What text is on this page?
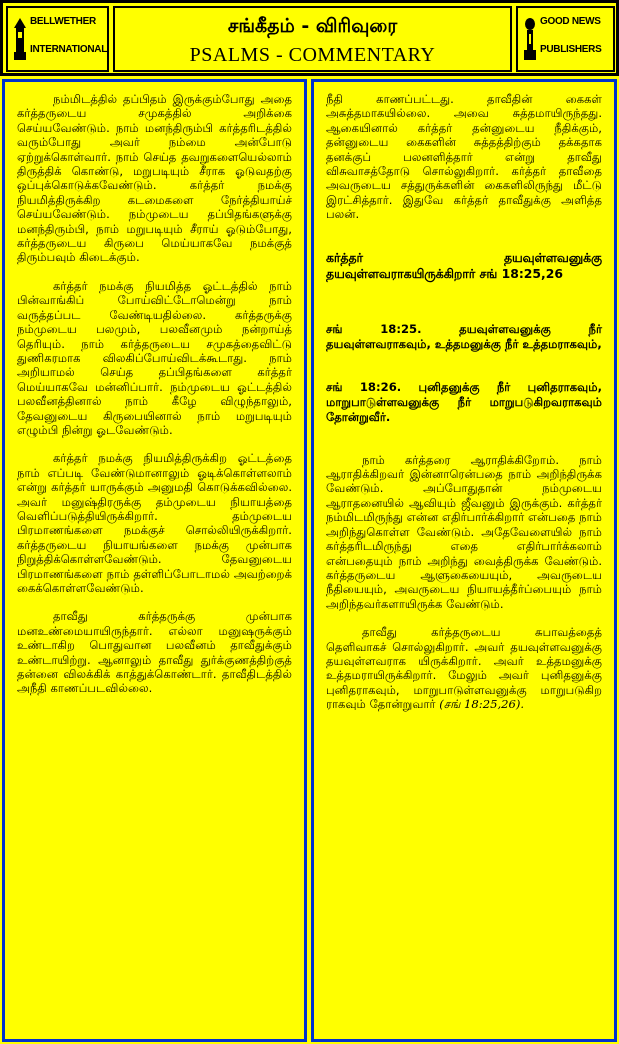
BELLWETHER
INTERNATIONAL
சங்கீதம் - விரிவுரை
PSALMS - COMMENTARY
GOOD NEWS
PUBLISHERS

நம்மிடத்தில் தப்பிதம் இருக்கும்போது அதை கர்த்தருடைய சமுகத்தில் அறிக்கை செய்யவேண்டும். நாம் மனந்திரும்பி கர்த்தரிடத்தில் வரும்போது அவர் நம்மை அன்போடு ஏற்றுக்கொள்வார். நாம் செய்த தவறுகளையெல்லாம் திருத்திக் கொண்டு, மறுபடியும் சீராக ஓடுவதற்கு ஒப்புக்கொடுக்கவேண்டும். கர்த்தர் நமக்கு நியமித்திருக்கிற கடமைகளை நேர்த்தியாய்ச் செய்யவேண்டும். நம்முடைய தப்பிதங்களுக்கு மனந்திரும்பி, நாம் மறுபடியும் சீராய் ஓடும்போது, கர்த்தருடைய கிருபை மெய்யாகவே நமக்குத் திரும்பவும் கிடைக்கும்.

கர்த்தர் நமக்கு நியமித்த ஓட்டத்தில் நாம் பின்வாங்கிப் போய்விட்டோமென்று நாம் வருத்தப்பட வேண்டியதில்லை. கர்த்தருக்கு நம்முடைய பலமும், பலவீனமும் நன்றாய்த் தெரியும். நாம் கர்த்தருடைய சமுகத்தைவிட்டு துணிகரமாக விலகிப்போய்விடக்கூடாது. நாம் அறியாமல் செய்த தப்பிதங்களை கர்த்தர் மெய்யாகவே மன்னிப்பார். நம்முடைய ஓட்டத்தில் பலவீனத்தினால் நாம் கீழே விழுந்தாலும், தேவனுடைய கிருபையினால் நாம் மறுபடியும் எழும்பி நின்று ஓடவேண்டும்.

கர்த்தர் நமக்கு நியமித்திருக்கிற ஓட்டத்தை நாம் எப்படி வேண்டுமானாலும் ஓடிக்கொள்ளலாம் என்று கர்த்தர் யாருக்கும் அனுமதி கொடுக்கவில்லை. அவர் மனுஷ்திரருக்கு தம்முடைய நியாயத்தை வெளிப்படுத்தியிருக்கிறார். தம்முடைய பிரமாணங்களை நமக்குச் சொல்லியிருக்கிறார். கர்த்தருடைய நியாயங்களை நமக்கு முன்பாக நிறுத்திக்கொள்ளவேண்டும். தேவனுடைய பிரமாணங்களை நாம் தள்ளிப்போடாமல் அவற்றைக் கைக்கொள்ளவேண்டும்.

தாவீது கர்த்தருக்கு முன்பாக மனஉண்மையாயிருந்தார். எல்லா மனுஷருக்கும் உண்டாகிற பொதுவான பலவீனம் தாவீதுக்கும் உண்டாயிற்று. ஆனாலும் தாவீது துர்க்குணத்திற்குத் தன்னை விலக்கிக் காத்துக்கொண்டார். தாவீதிடத்தில் அநீதி காணப்படவில்லை.

நீதி காணப்பட்டது. தாவீதின் கைகள் அசுத்தமாகயில்லை. அவை சுத்தமாயிருந்தது. ஆகையினால் கர்த்தர் தன்னுடைய நீதிக்கும், தன்னுடைய கைகளின் சுத்தத்திற்கும் தக்கதாக தனக்குப் பலனளித்தார் என்று தாவீது விசுவாசத்தோடு சொல்லுகிறார். கர்த்தர் தாவீதை அவருடைய சத்துருக்களின் கைகளிலிருந்து மீட்டு இரட்சித்தார். இதுவே கர்த்தர் தாவீதுக்கு அளித்த பலன்.

கர்த்தர் தயவுள்ளவனுக்கு தயவுள்ளவராகயிருக்கிறார் சங் 18:25,26
சங் 18:25. தயவுள்ளவனுக்கு நீர் தயவுள்ளவராகவும், உத்தமனுக்கு நீர் உத்தமராகவும்,
சங் 18:26. புனிதனுக்கு நீர் புனிதராகவும், மாறுபாடுள்ளவனுக்கு நீர் மாறுபடுகிறவராகவும் தோன்றுவீர்.

நாம் கர்த்தரை ஆராதிக்கிறோம். நாம் ஆராதிக்கிறவர் இன்னாரென்பதை நாம் அறிந்திருக்க வேண்டும். அப்போதுதான் நம்முடைய ஆராதனையில் ஆவியும் ஜீவனும் இருக்கும். கர்த்தர் நம்மிடமிருந்து என்ன எதிர்பார்க்கிறார் என்பதை நாம் அறிந்துகொள்ள வேண்டும். அதேவேளையில் நாம் கர்த்தரிடமிருந்து எதை எதிர்பார்க்கலாம் என்பதையும் நாம் அறிந்து வைத்திருக்க வேண்டும். கர்த்தருடைய ஆளுகையையும், அவருடைய நீதியையும், அவருடைய நியாயத்தீர்ப்பையும் நாம் அறிந்தவர்களாயிருக்க வேண்டும்.

தாவீது கர்த்தருடைய சுபாவத்தைத் தெளிவாகச் சொல்லுகிறார். அவர் தயவுள்ளவனுக்கு தயவுள்ளவராக யிருக்கிறார். அவர் உத்தமனுக்கு உத்தமராயிருக்கிறார். மேலும் அவர் புனிதனுக்கு புனிதராகவும், மாறுபாடுள்ளவனுக்கு மாறுபடுகிற ராகவும் தோன்றுவார் (சங் 18:25,26).
